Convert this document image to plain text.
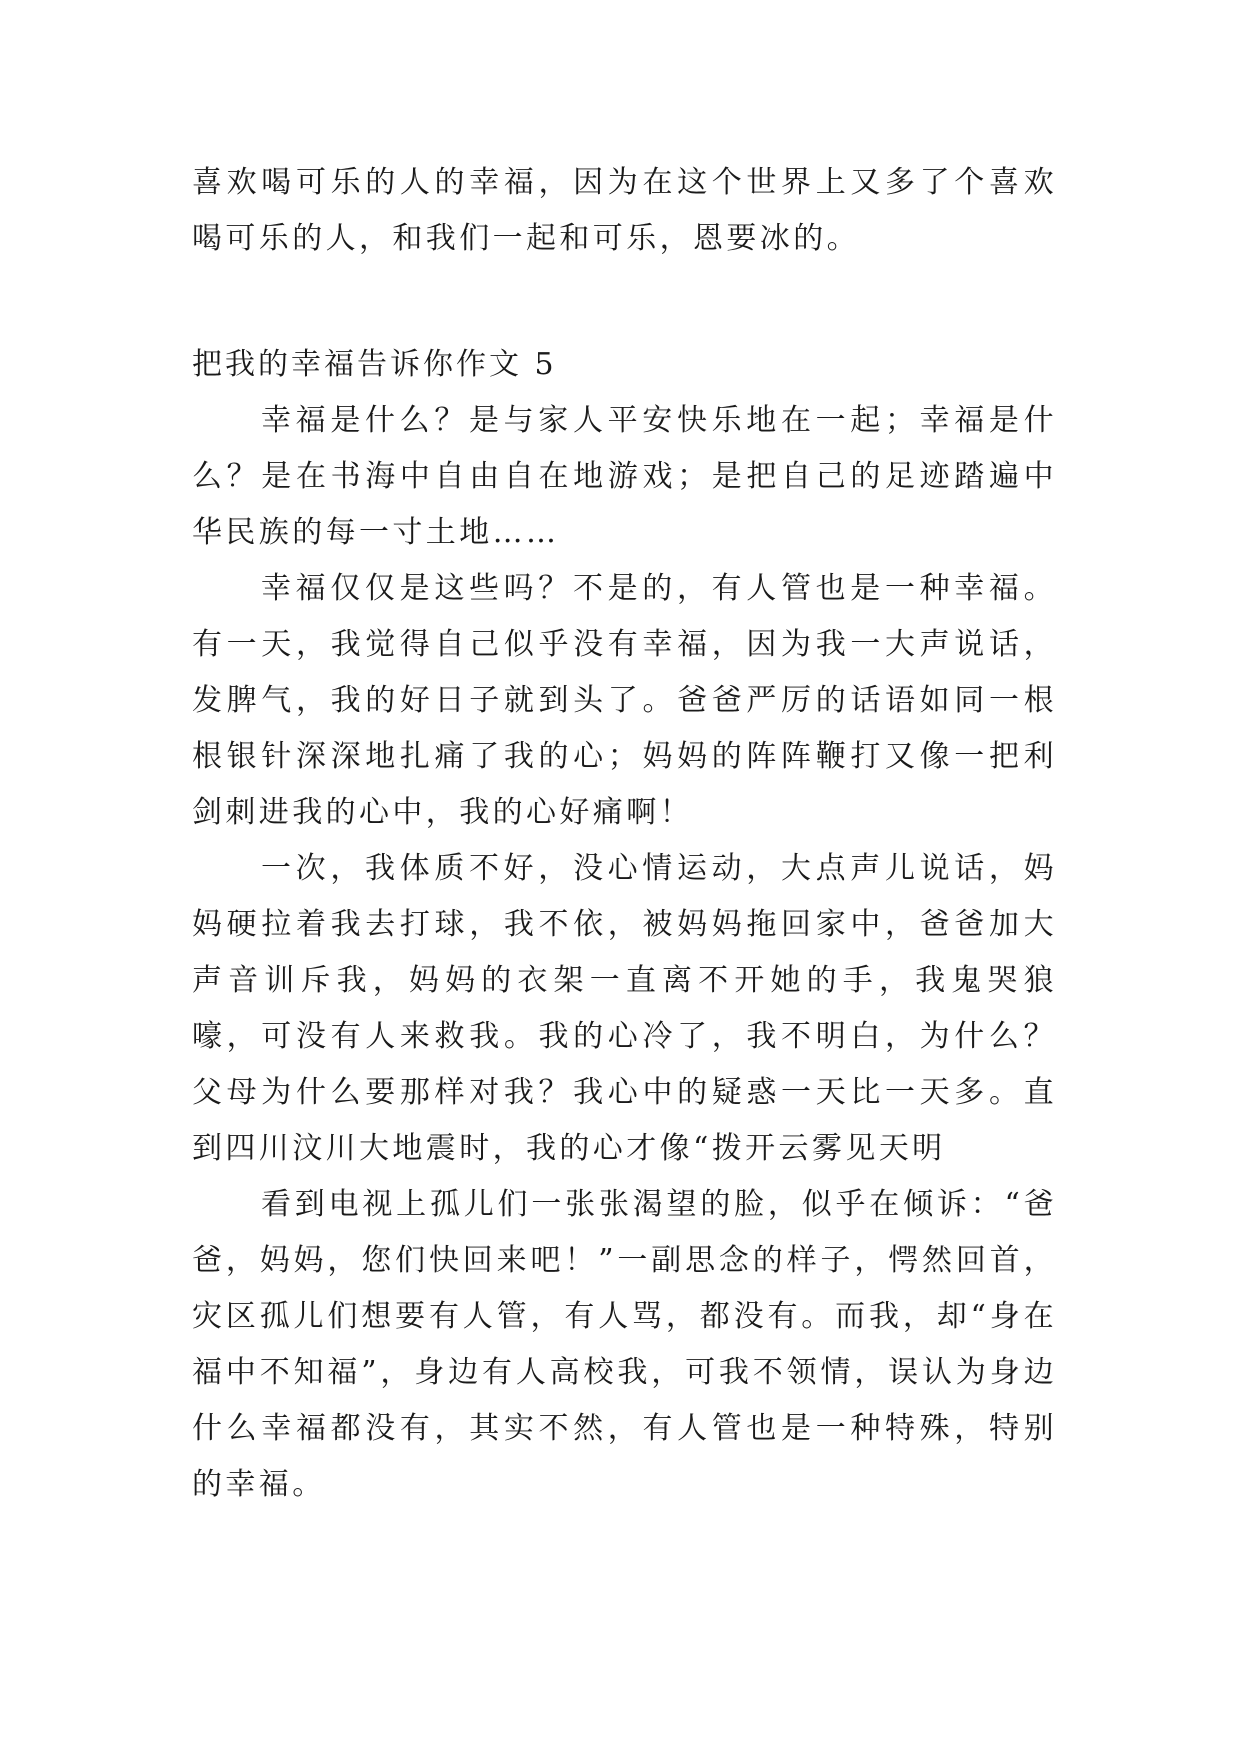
喜欢喝可乐的人的幸福，因为在这个世界上又多了个喜欢喝可乐的人，和我们一起和可乐，恩要冰的。

把我的幸福告诉你作文 5

幸福是什么？是与家人平安快乐地在一起；幸福是什么？是在书海中自由自在地游戏；是把自己的足迹踏遍中华民族的每一寸土地……

幸福仅仅是这些吗？不是的，有人管也是一种幸福。有一天，我觉得自己似乎没有幸福，因为我一大声说话，发脾气，我的好日子就到头了。爸爸严厉的话语如同一根根银针深深地扎痛了我的心；妈妈的阵阵鞭打又像一把利剑刺进我的心中，我的心好痛啊！

一次，我体质不好，没心情运动，大点声儿说话，妈妈硬拉着我去打球，我不依，被妈妈拖回家中，爸爸加大声音训斥我，妈妈的衣架一直离不开她的手，我鬼哭狼嚎，可没有人来救我。我的心冷了，我不明白，为什么？父母为什么要那样对我？我心中的疑惑一天比一天多。直到四川汶川大地震时，我的心才像“拨开云雾见天明

看到电视上孤儿们一张张渴望的脸，似乎在倾诉：“爸爸，妈妈，您们快回来吧！”一副思念的样子，愕然回首，灾区孤儿们想要有人管，有人骂，都没有。而我，却“身在福中不知福”，身边有人高校我，可我不领情，误认为身边什么幸福都没有，其实不然，有人管也是一种特殊，特别的幸福。
